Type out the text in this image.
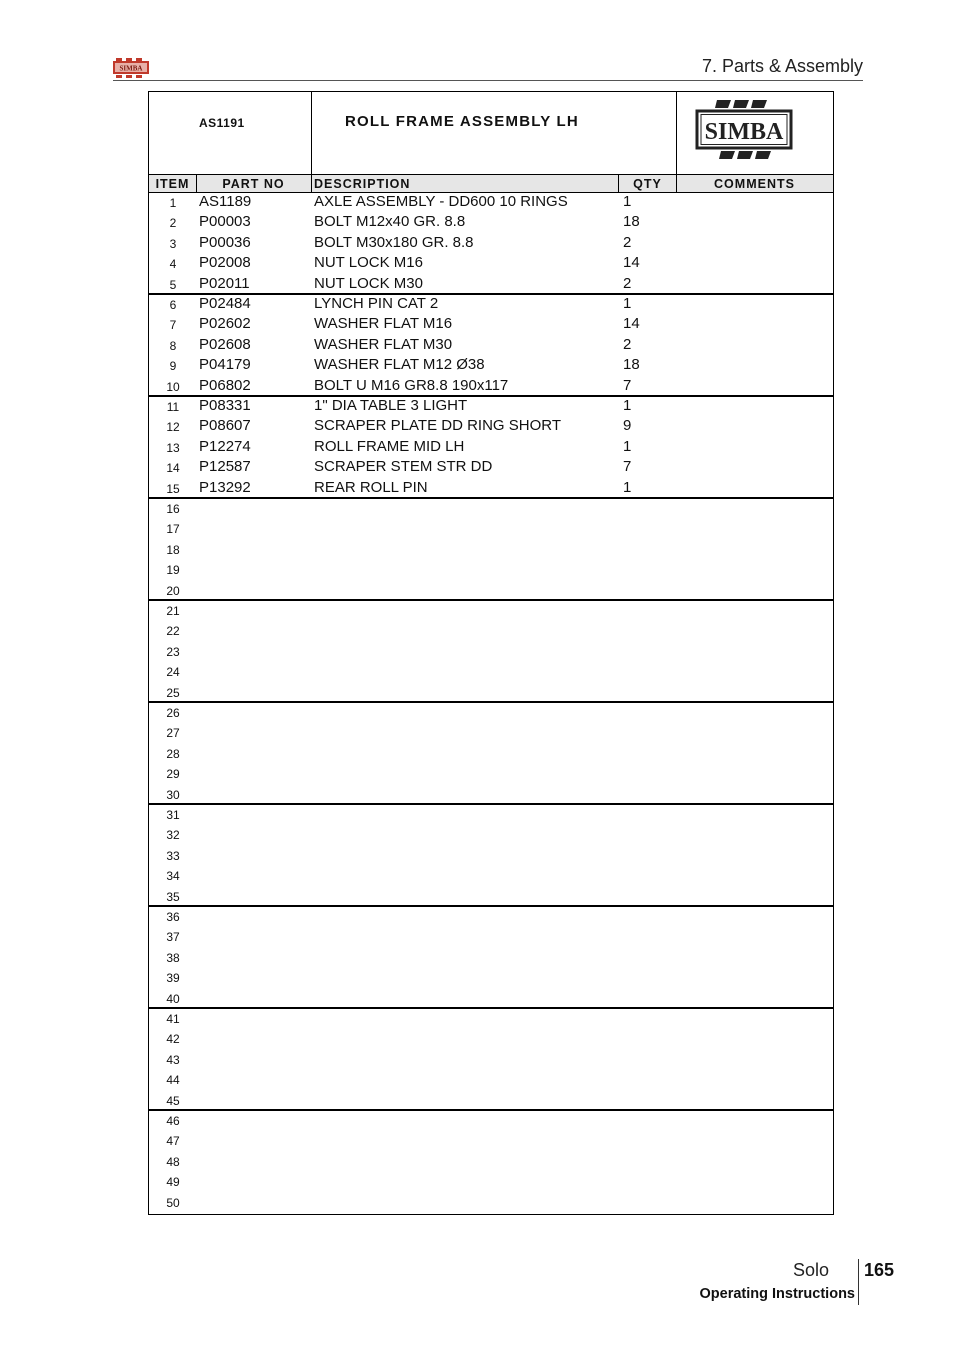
SIMBA	7. Parts & Assembly
AS1191	ROLL FRAME ASSEMBLY LH	SIMBA
ITEM	PART NO	DESCRIPTION	QTY	COMMENTS
1	AS1189	AXLE ASSEMBLY - DD600 10 RINGS	1
2	P00003	BOLT M12x40 GR. 8.8	18
3	P00036	BOLT M30x180 GR. 8.8	2
4	P02008	NUT LOCK M16	14
5	P02011	NUT LOCK M30	2
6	P02484	LYNCH PIN CAT 2	1
7	P02602	WASHER FLAT M16	14
8	P02608	WASHER FLAT M30	2
9	P04179	WASHER FLAT M12 Ø38	18
10	P06802	BOLT U M16 GR8.8 190x117	7
11	P08331	1" DIA TABLE 3 LIGHT	1
12	P08607	SCRAPER PLATE DD RING SHORT	9
13	P12274	ROLL FRAME MID LH	1
14	P12587	SCRAPER STEM STR DD	7
15	P13292	REAR ROLL PIN	1
16
17
18
19
20
21
22
23
24
25
26
27
28
29
30
31
32
33
34
35
36
37
38
39
40
41
42
43
44
45
46
47
48
49
50
Solo 165
Operating Instructions
